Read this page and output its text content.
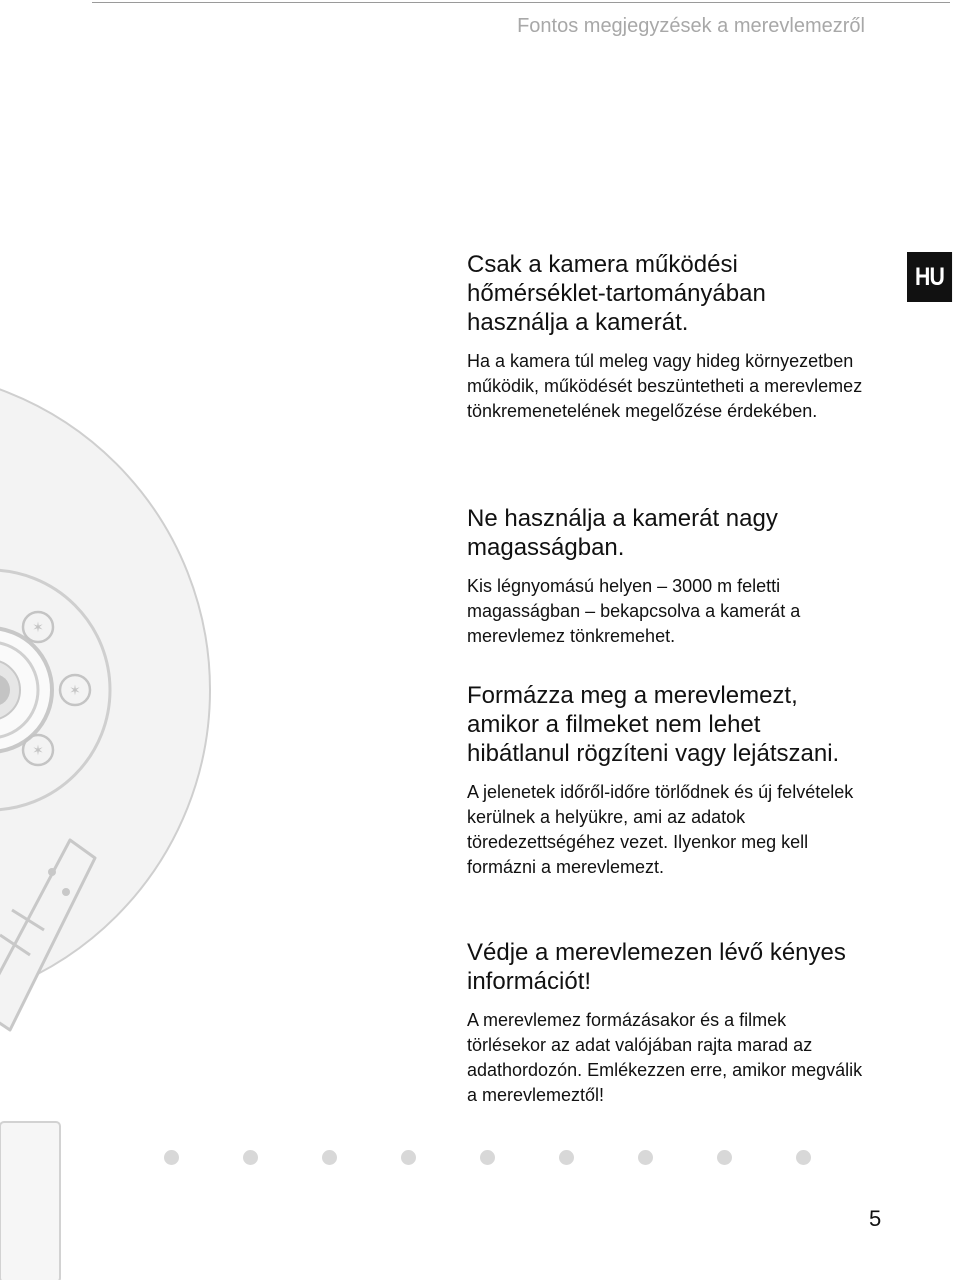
Fontos megjegyzések a merevlemezről
HU
✶
✶
✶
Csak a kamera működési hőmérséklet-tartományában használja a kamerát.

Ha a kamera túl meleg vagy hideg környezetben működik, működését beszüntetheti a merevlemez tönkremenetelének megelőzése érdekében.

Ne használja a kamerát nagy magasságban.

Kis légnyomású helyen – 3000 m feletti magasságban – bekapcsolva a kamerát a merevlemez tönkremehet.

Formázza meg a merevlemezt, amikor a filmeket nem lehet hibátlanul rögzíteni vagy lejátszani.

A jelenetek időről-időre törlődnek és új felvételek kerülnek a helyükre, ami az adatok töredezettségéhez vezet. Ilyenkor meg kell formázni a merevlemezt.

Védje a merevlemezen lévő kényes információt!

A merevlemez formázásakor és a filmek törlésekor az adat valójában rajta marad az adathordozón. Emlékezzen erre, amikor megválik a merevlemeztől!

5
